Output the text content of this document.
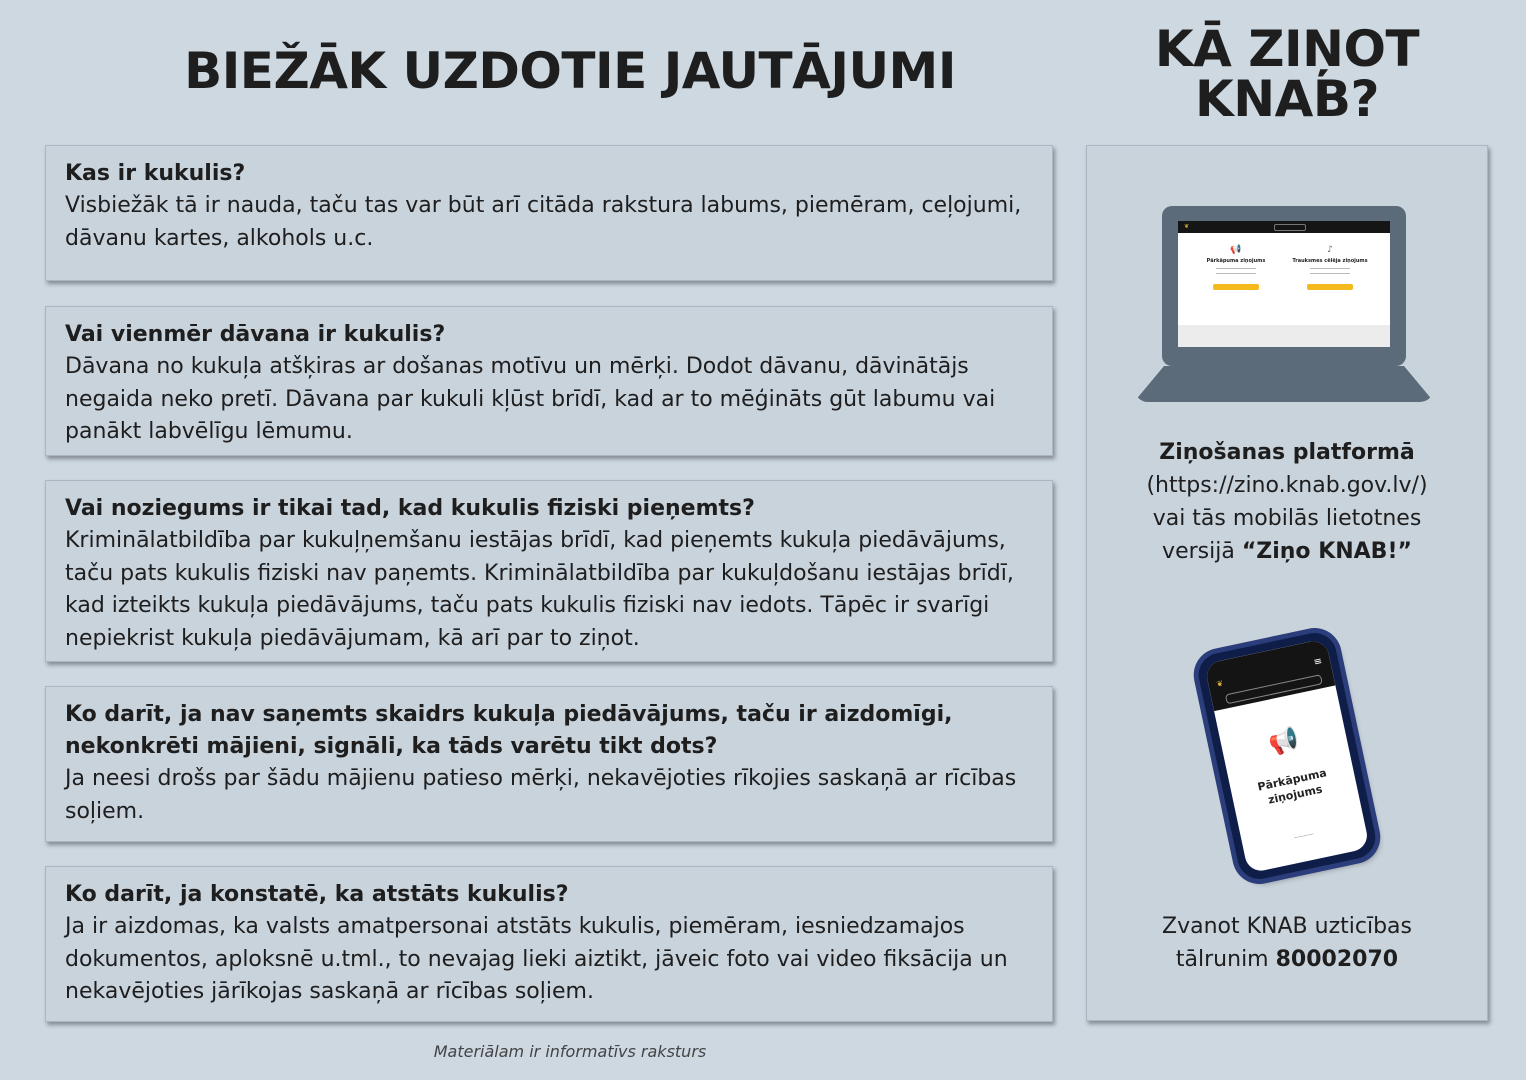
BIEŽĀK UZDOTIE JAUTĀJUMI
Kas ir kukulis?
Visbiežāk tā ir nauda, taču tas var būt arī citāda rakstura labums, piemēram, ceļojumi, dāvanu kartes, alkohols u.c.
Vai vienmēr dāvana ir kukulis?
Dāvana no kukuļa atšķiras ar došanas motīvu un mērķi. Dodot dāvanu, dāvinātājs negaida neko pretī. Dāvana par kukuli kļūst brīdī, kad ar to mēģināts gūt labumu vai panākt labvēlīgu lēmumu.
Vai noziegums ir tikai tad, kad kukulis fiziski pieņemts?
Kriminālatbildība par kukuļņemšanu iestājas brīdī, kad pieņemts kukuļa piedāvājums, taču pats kukulis fiziski nav paņemts. Kriminālatbildība par kukuļdošanu iestājas brīdī, kad izteikts kukuļa piedāvājums, taču pats kukulis fiziski nav iedots. Tāpēc ir svarīgi nepiekrist kukuļa piedāvājumam, kā arī par to ziņot.
Ko darīt, ja nav saņemts skaidrs kukuļa piedāvājums, taču ir aizdomīgi, nekonkrēti mājieni, signāli, ka tāds varētu tikt dots?
Ja neesi drošs par šādu mājienu patieso mērķi, nekavējoties rīkojies saskaņā ar rīcības soļiem.
Ko darīt, ja konstatē, ka atstāts kukulis?
Ja ir aizdomas, ka valsts amatpersonai atstāts kukulis, piemēram, iesniedzamajos dokumentos, aploksnē u.tml., to nevajag lieki aiztikt, jāveic foto vai video fiksācija un nekavējoties jārīkojas saskaņā ar rīcības soļiem.
KĀ ZIŅOT
KNAB?
❦
📢
Pārkāpuma ziņojums
♪
Trauksmes cēlēja ziņojums
Ziņošanas platformā
(https://zino.knab.gov.lv/)
vai tās mobilās lietotnes
versijā “Ziņo KNAB!”
❦
≡
📢
Pārkāpuma ziņojums
――――
Zvanot KNAB uzticības
tālrunim 80002070
Materiālam ir informatīvs raksturs
